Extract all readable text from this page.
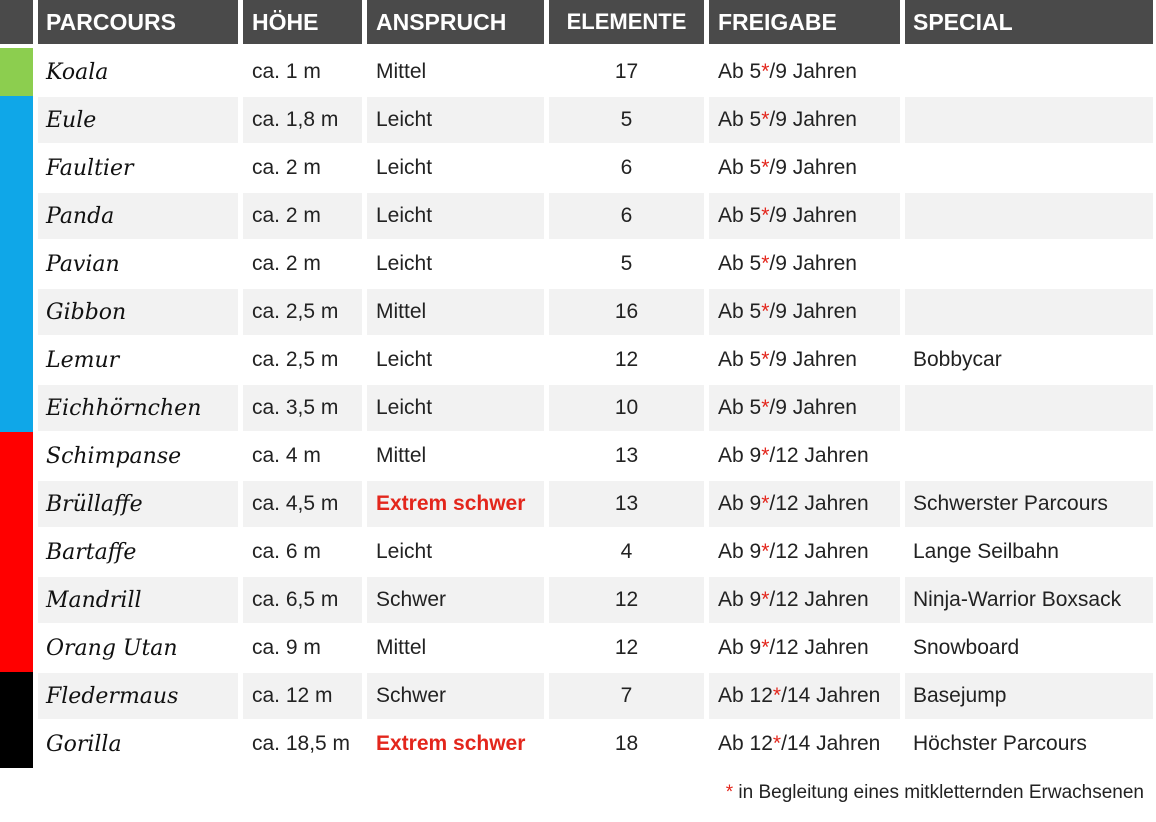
PARCOURS	HÖHE	ANSPRUCH	ELEMENTE	FREIGABE	SPECIAL
Koala	ca. 1 m	Mittel	17	Ab 5 * /9 Jahren
Eule	ca. 1,8 m	Leicht	5	Ab 5 * /9 Jahren
Faultier	ca. 2 m	Leicht	6	Ab 5 * /9 Jahren
Panda	ca. 2 m	Leicht	6	Ab 5 * /9 Jahren
Pavian	ca. 2 m	Leicht	5	Ab 5 * /9 Jahren
Gibbon	ca. 2,5 m	Mittel	16	Ab 5 * /9 Jahren
Lemur	ca. 2,5 m	Leicht	12	Ab 5 * /9 Jahren	Bobbycar
Eichhörnchen	ca. 3,5 m	Leicht	10	Ab 5 * /9 Jahren
Schimpanse	ca. 4 m	Mittel	13	Ab 9 * /12 Jahren
Brüllaffe	ca. 4,5 m	Extrem schwer	13	Ab 9 * /12 Jahren	Schwerster Parcours
Bartaffe	ca. 6 m	Leicht	4	Ab 9 * /12 Jahren	Lange Seilbahn
Mandrill	ca. 6,5 m	Schwer	12	Ab 9 * /12 Jahren	Ninja-Warrior Boxsack
Orang Utan	ca. 9 m	Mittel	12	Ab 9 * /12 Jahren	Snowboard
Fledermaus	ca. 12 m	Schwer	7	Ab 12 * /14 Jahren	Basejump
Gorilla	ca. 18,5 m	Extrem schwer	18	Ab 12 * /14 Jahren	Höchster Parcours
* in Begleitung eines mitkletternden Erwachsenen
